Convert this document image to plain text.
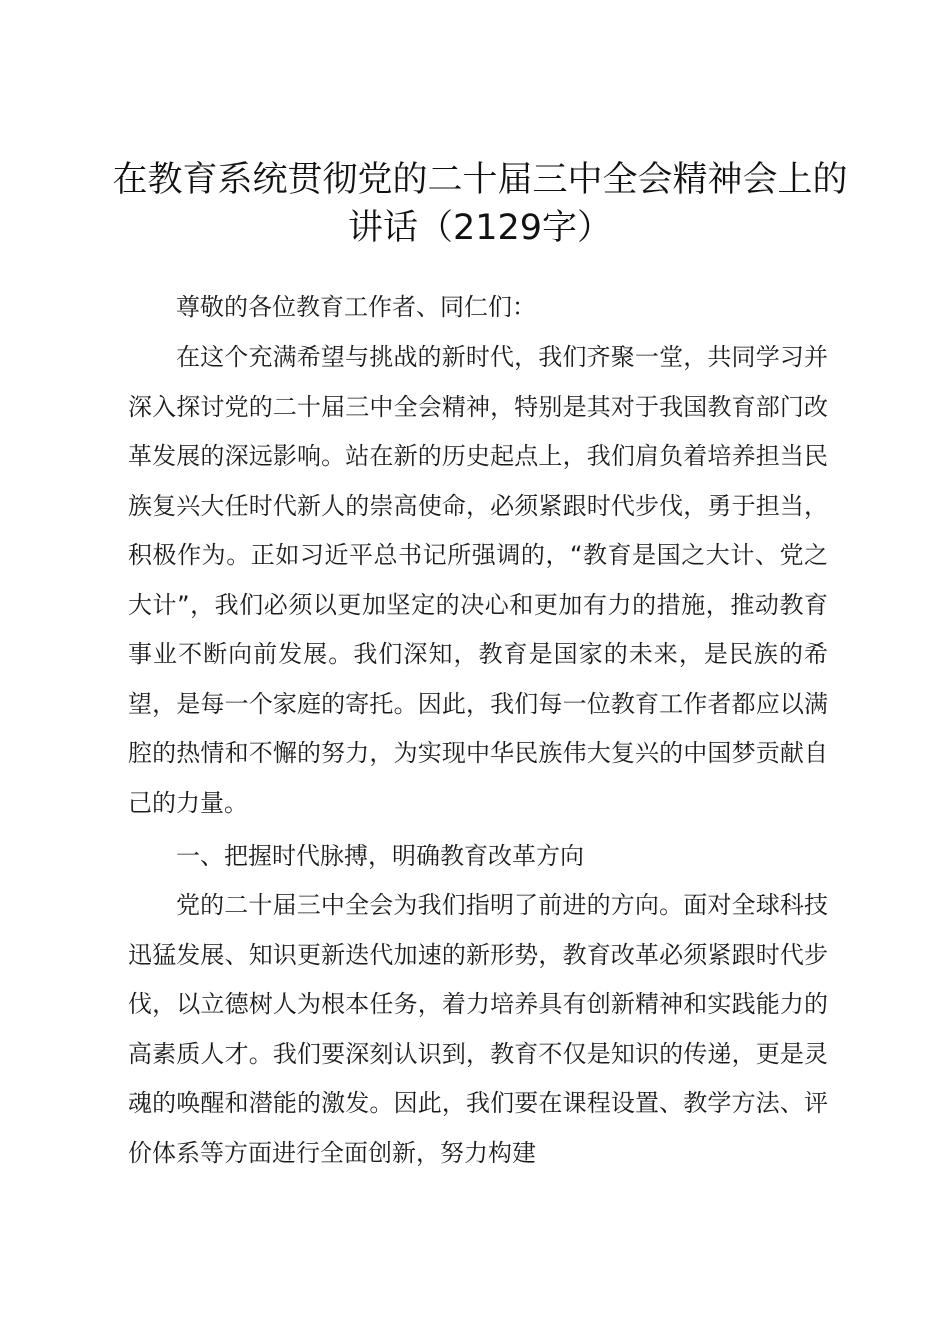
在教育系统贯彻党的二十届三中全会精神会上的讲话（2129字）

尊敬的各位教育工作者、同仁们：

在这个充满希望与挑战的新时代，我们齐聚一堂，共同学习并深入探讨党的二十届三中全会精神，特别是其对于我国教育部门改革发展的深远影响。站在新的历史起点上，我们肩负着培养担当民族复兴大任时代新人的崇高使命，必须紧跟时代步伐，勇于担当，积极作为。正如习近平总书记所强调的，“教育是国之大计、党之大计”，我们必须以更加坚定的决心和更加有力的措施，推动教育事业不断向前发展。我们深知，教育是国家的未来，是民族的希望，是每一个家庭的寄托。因此，我们每一位教育工作者都应以满腔的热情和不懈的努力，为实现中华民族伟大复兴的中国梦贡献自己的力量。

一、把握时代脉搏，明确教育改革方向

党的二十届三中全会为我们指明了前进的方向。面对全球科技迅猛发展、知识更新迭代加速的新形势，教育改革必须紧跟时代步伐，以立德树人为根本任务，着力培养具有创新精神和实践能力的高素质人才。我们要深刻认识到，教育不仅是知识的传递，更是灵魂的唤醒和潜能的激发。因此，我们要在课程设置、教学方法、评价体系等方面进行全面创新，努力构建
